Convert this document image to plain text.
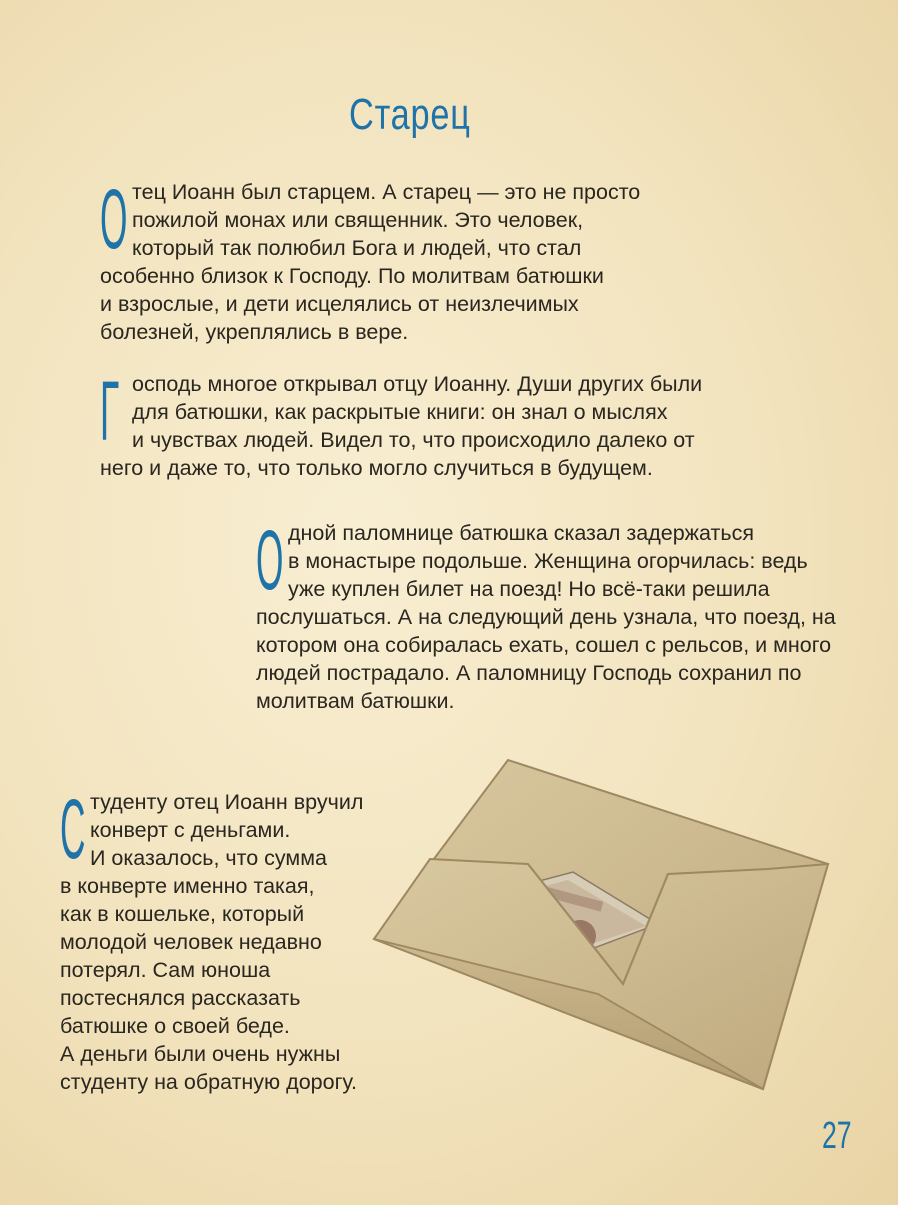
Старец
О тец Иоанн был старцем. А старец — это не просто
пожилой монах или священник. Это человек,
который так полюбил Бога и людей, что стал
особенно близок к Господу. По молитвам батюшки
и взрослые, и дети исцелялись от неизлечимых
болезней, укреплялись в вере.
Г осподь многое открывал отцу Иоанну. Души других были
для батюшки, как раскрытые книги: он знал о мыслях
и чувствах людей. Видел то, что происходило далеко от
него и даже то, что только могло случиться в будущем.
О дной паломнице батюшка сказал задержаться
в монастыре подольше. Женщина огорчилась: ведь
уже куплен билет на поезд! Но всё-таки решила
послушаться. А на следующий день узнала, что поезд, на
котором она собиралась ехать, сошел с рельсов, и много
людей пострадало. А паломницу Господь сохранил по
молитвам батюшки.
С туденту отец Иоанн вручил
конверт с деньгами.
И оказалось, что сумма
в конверте именно такая,
как в кошельке, который
молодой человек недавно
потерял. Сам юноша
постеснялся рассказать
батюшке о своей беде.
А деньги были очень нужны
студенту на обратную дорогу.
27
